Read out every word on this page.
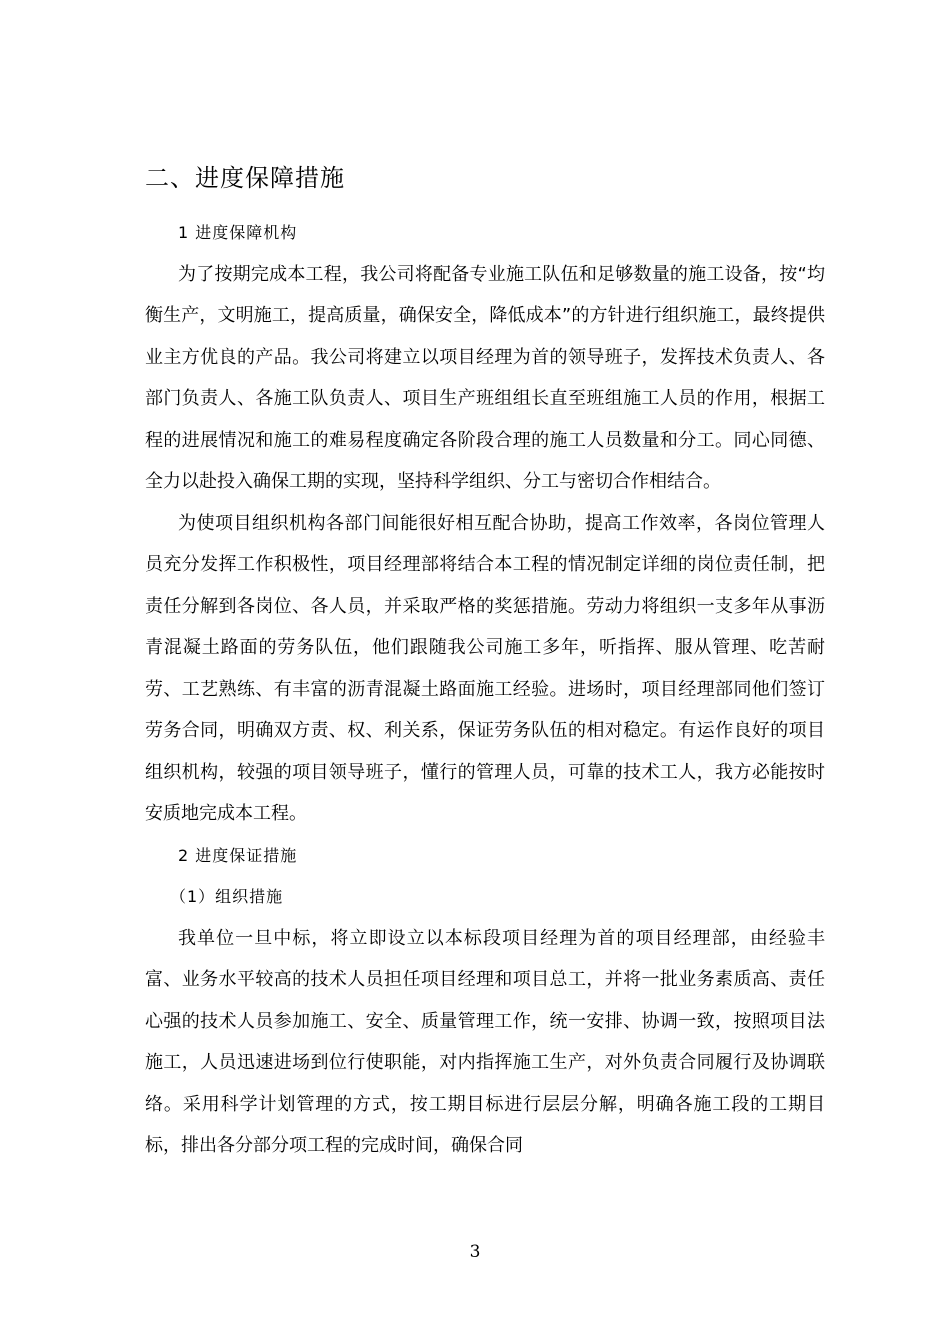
二、进度保障措施

1 进度保障机构

为了按期完成本工程，我公司将配备专业施工队伍和足够数量的施工设备，按“均衡生产，文明施工，提高质量，确保安全，降低成本”的方针进行组织施工，最终提供业主方优良的产品。我公司将建立以项目经理为首的领导班子，发挥技术负责人、各部门负责人、各施工队负责人、项目生产班组组长直至班组施工人员的作用，根据工程的进展情况和施工的难易程度确定各阶段合理的施工人员数量和分工。同心同德、全力以赴投入确保工期的实现，坚持科学组织、分工与密切合作相结合。

为使项目组织机构各部门间能很好相互配合协助，提高工作效率，各岗位管理人员充分发挥工作积极性，项目经理部将结合本工程的情况制定详细的岗位责任制，把责任分解到各岗位、各人员，并采取严格的奖惩措施。劳动力将组织一支多年从事沥青混凝土路面的劳务队伍，他们跟随我公司施工多年，听指挥、服从管理、吃苦耐劳、工艺熟练、有丰富的沥青混凝土路面施工经验。进场时，项目经理部同他们签订劳务合同，明确双方责、权、利关系，保证劳务队伍的相对稳定。有运作良好的项目组织机构，较强的项目领导班子，懂行的管理人员，可靠的技术工人，我方必能按时安质地完成本工程。

2 进度保证措施

（1）组织措施

我单位一旦中标，将立即设立以本标段项目经理为首的项目经理部，由经验丰富、业务水平较高的技术人员担任项目经理和项目总工，并将一批业务素质高、责任心强的技术人员参加施工、安全、质量管理工作，统一安排、协调一致，按照项目法施工，人员迅速进场到位行使职能，对内指挥施工生产，对外负责合同履行及协调联络。采用科学计划管理的方式，按工期目标进行层层分解，明确各施工段的工期目标，排出各分部分项工程的完成时间，确保合同

3
